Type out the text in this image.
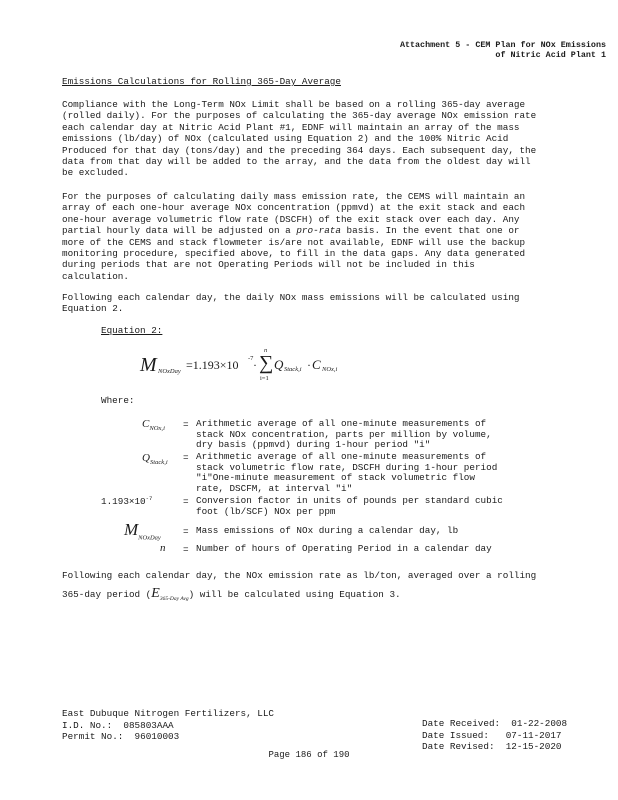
Attachment 5 - CEM Plan for NOx Emissions
of Nitric Acid Plant 1
Emissions Calculations for Rolling 365-Day Average
Compliance with the Long-Term NOx Limit shall be based on a rolling 365-day average
(rolled daily). For the purposes of calculating the 365-day average NOx emission rate
each calendar day at Nitric Acid Plant #1, EDNF will maintain an array of the mass
emissions (lb/day) of NOx (calculated using Equation 2) and the 100% Nitric Acid
Produced for that day (tons/day) and the preceding 364 days. Each subsequent day, the
data from that day will be added to the array, and the data from the oldest day will
be excluded.
For the purposes of calculating daily mass emission rate, the CEMS will maintain an
array of each one-hour average NOx concentration (ppmvd) at the exit stack and each
one-hour average volumetric flow rate (DSCFH) of the exit stack over each day. Any
partial hourly data will be adjusted on a pro-rata basis. In the event that one or
more of the CEMS and stack flowmeter is/are not available, EDNF will use the backup
monitoring procedure, specified above, to fill in the data gaps. Any data generated
during periods that are not Operating Periods will not be included in this
calculation.
Following each calendar day, the daily NOx mass emissions will be calculated using
Equation 2.
Equation 2:
M NOxDay =1.193×10 -7 ·
n
∑
i=1
Q Stack,i · C NOx,i
Where:
$C_{NOx,i}$ = Arithmetic average of all one-minute measurements of
stack NOx concentration, parts per million by volume,
dry basis (ppmvd) during 1-hour period "i"
$Q_{Stack,i}$ = Arithmetic average of all one-minute measurements of
stack volumetric flow rate, DSCFH during 1-hour period
"i"One-minute measurement of stack volumetric flow
rate, DSCFM, at interval "i"
$1.193\times 10^{-7}$	= Conversion factor in units of pounds per standard cubic
foot (lb/SCF) NOx per ppm
$M_{NOxDay}$
= Mass emissions of NOx during a calendar day, lb
n = Number of hours of Operating Period in a calendar day
Following each calendar day, the NOx emission rate as lb/ton, averaged over a rolling
365-day period $(E_{365-Day Avg})$ will be calculated using Equation 3.
East Dubuque Nitrogen Fertilizers, LLC
I.D. No.: 085803AAA
Permit No.: 96010003
Date Received: 01-22-2008
Date Issued: 07-11-2017
Date Revised: 12-15-2020
Page 186 of 190
